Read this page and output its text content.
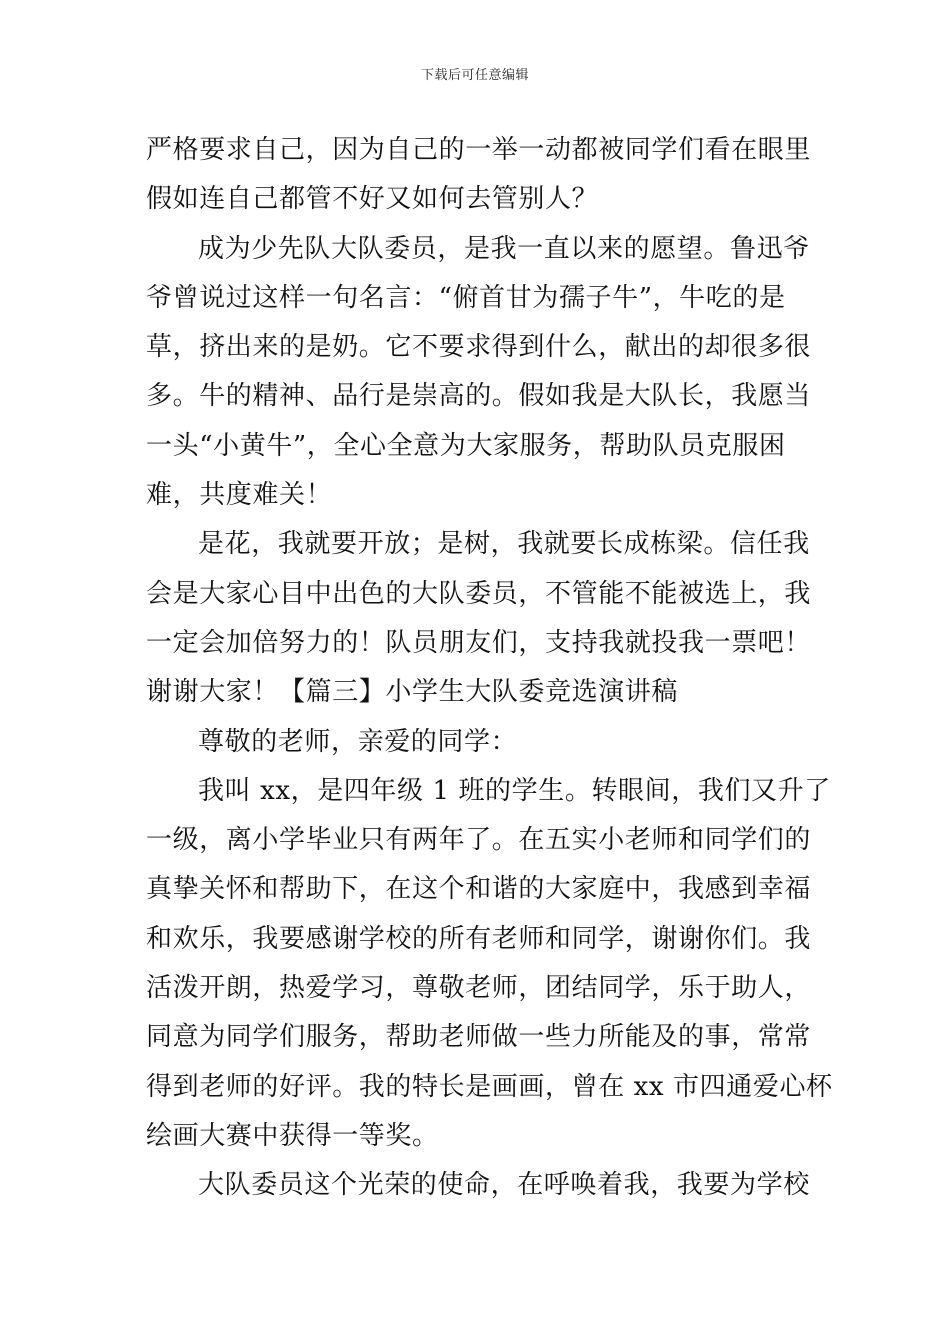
下载后可任意编辑
严格要求自己，因为自己的一举一动都被同学们看在眼里
假如连自己都管不好又如何去管别人？
成为少先队大队委员，是我一直以来的愿望。鲁迅爷
爷曾说过这样一句名言：“俯首甘为孺子牛”，牛吃的是
草，挤出来的是奶。它不要求得到什么，献出的却很多很
多。牛的精神、品行是崇高的。假如我是大队长，我愿当
一头“小黄牛”，全心全意为大家服务，帮助队员克服困
难，共度难关！
是花，我就要开放；是树，我就要长成栋梁。信任我
会是大家心目中出色的大队委员，不管能不能被选上，我
一定会加倍努力的！队员朋友们，支持我就投我一票吧！
谢谢大家！【篇三】小学生大队委竞选演讲稿
尊敬的老师，亲爱的同学：
我叫 xx，是四年级 1 班的学生。转眼间，我们又升了
一级，离小学毕业只有两年了。在五实小老师和同学们的
真挚关怀和帮助下，在这个和谐的大家庭中，我感到幸福
和欢乐，我要感谢学校的所有老师和同学，谢谢你们。我
活泼开朗，热爱学习，尊敬老师，团结同学，乐于助人，
同意为同学们服务，帮助老师做一些力所能及的事，常常
得到老师的好评。我的特长是画画，曾在 xx 市四通爱心杯
绘画大赛中获得一等奖。
大队委员这个光荣的使命，在呼唤着我，我要为学校
